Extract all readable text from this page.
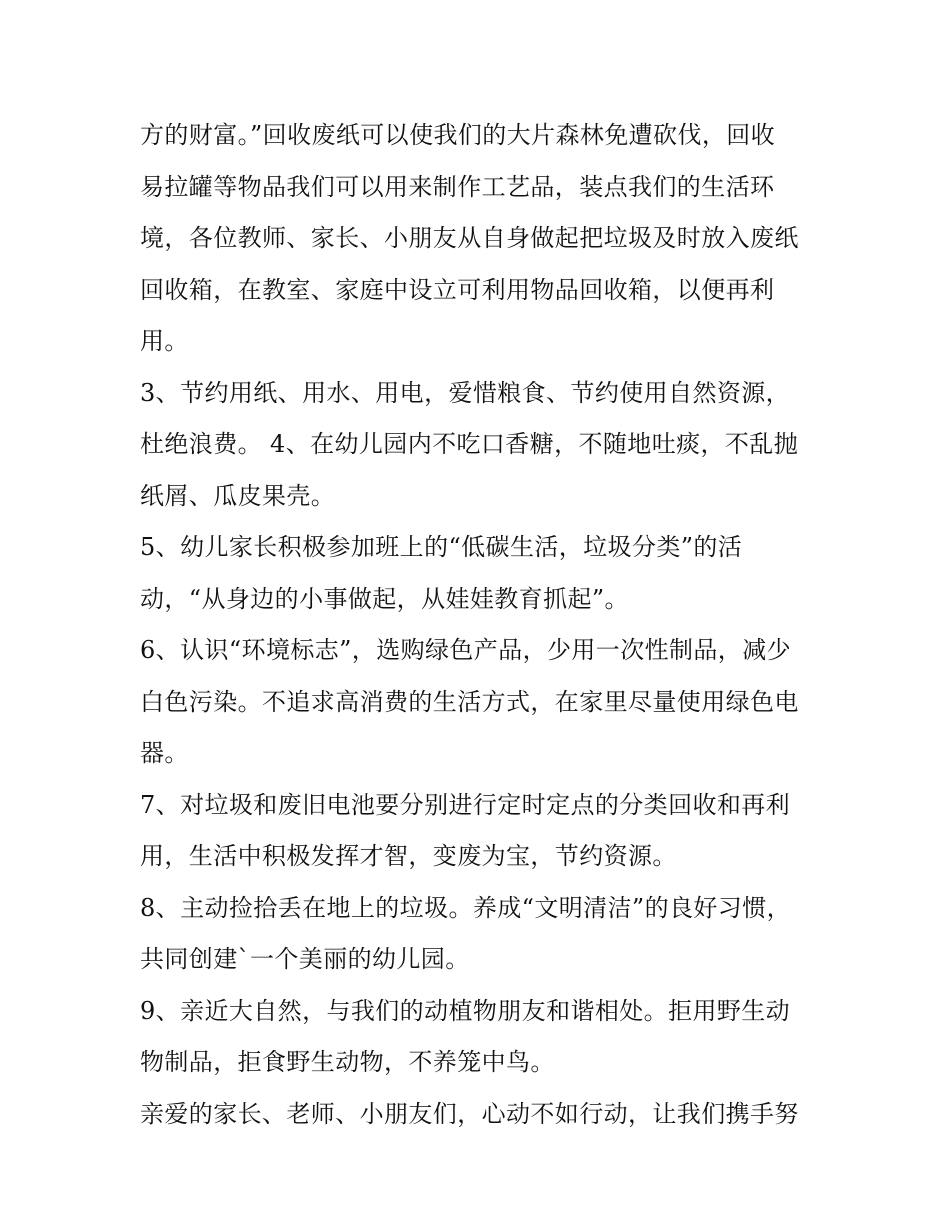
方的财富。”回收废纸可以使我们的大片森林免遭砍伐，回收
易拉罐等物品我们可以用来制作工艺品，装点我们的生活环
境，各位教师、家长、小朋友从自身做起把垃圾及时放入废纸
回收箱，在教室、家庭中设立可利用物品回收箱，以便再利
用。
3、节约用纸、用水、用电，爱惜粮食、节约使用自然资源，
杜绝浪费。 4、在幼儿园内不吃口香糖，不随地吐痰，不乱抛
纸屑、瓜皮果壳。
5、幼儿家长积极参加班上的“低碳生活，垃圾分类”的活
动，“从身边的小事做起，从娃娃教育抓起”。
6、认识“环境标志”，选购绿色产品，少用一次性制品，减少
白色污染。不追求高消费的生活方式，在家里尽量使用绿色电
器。
7、对垃圾和废旧电池要分别进行定时定点的分类回收和再利
用，生活中积极发挥才智，变废为宝，节约资源。
8、主动捡拾丢在地上的垃圾。养成“文明清洁”的良好习惯，
共同创建`一个美丽的幼儿园。
9、亲近大自然，与我们的动植物朋友和谐相处。拒用野生动
物制品，拒食野生动物，不养笼中鸟。
亲爱的家长、老师、小朋友们，心动不如行动，让我们携手努
